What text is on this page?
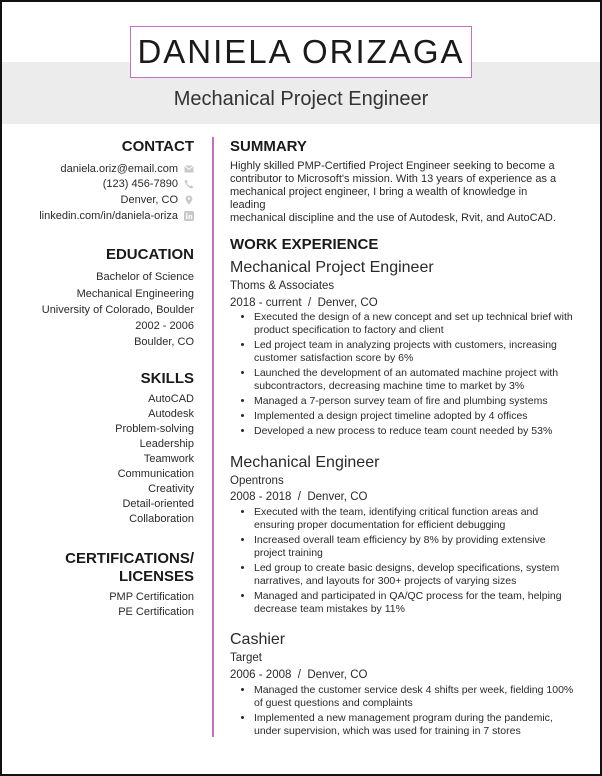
DANIELA ORIZAGA
Mechanical Project Engineer
CONTACT
daniela.oriz@email.com
(123) 456-7890
Denver, CO
linkedin.com/in/daniela-oriza
EDUCATION
Bachelor of Science
Mechanical Engineering
University of Colorado, Boulder
2002 - 2006
Boulder, CO
SKILLS
AutoCAD
Autodesk
Problem-solving
Leadership
Teamwork
Communication
Creativity
Detail-oriented
Collaboration
CERTIFICATIONS/
LICENSES
PMP Certification
PE Certification
SUMMARY
Highly skilled PMP-Certified Project Engineer seeking to become a
contributor to Microsoft's mission. With 13 years of experience as a
mechanical project engineer, I bring a wealth of knowledge in leading
mechanical discipline and the use of Autodesk, Rvit, and AutoCAD.
WORK EXPERIENCE
Mechanical Project Engineer
Thoms & Associates
2018 - current  /  Denver, CO
• Executed the design of a new concept and set up technical brief with product specification to factory and client
• Led project team in analyzing projects with customers, increasing customer satisfaction score by 6%
• Launched the development of an automated machine project with subcontractors, decreasing machine time to market by 3%
• Managed a 7-person survey team of fire and plumbing systems
• Implemented a design project timeline adopted by 4 offices
• Developed a new process to reduce team count needed by 53%
Mechanical Engineer
Opentrons
2008 - 2018  /  Denver, CO
• Executed with the team, identifying critical function areas and ensuring proper documentation for efficient debugging
• Increased overall team efficiency by 8% by providing extensive project training
• Led group to create basic designs, develop specifications, system narratives, and layouts for 300+ projects of varying sizes
• Managed and participated in QA/QC process for the team, helping decrease team mistakes by 11%
Cashier
Target
2006 - 2008  /  Denver, CO
• Managed the customer service desk 4 shifts per week, fielding 100% of guest questions and complaints
• Implemented a new management program during the pandemic, under supervision, which was used for training in 7 stores
